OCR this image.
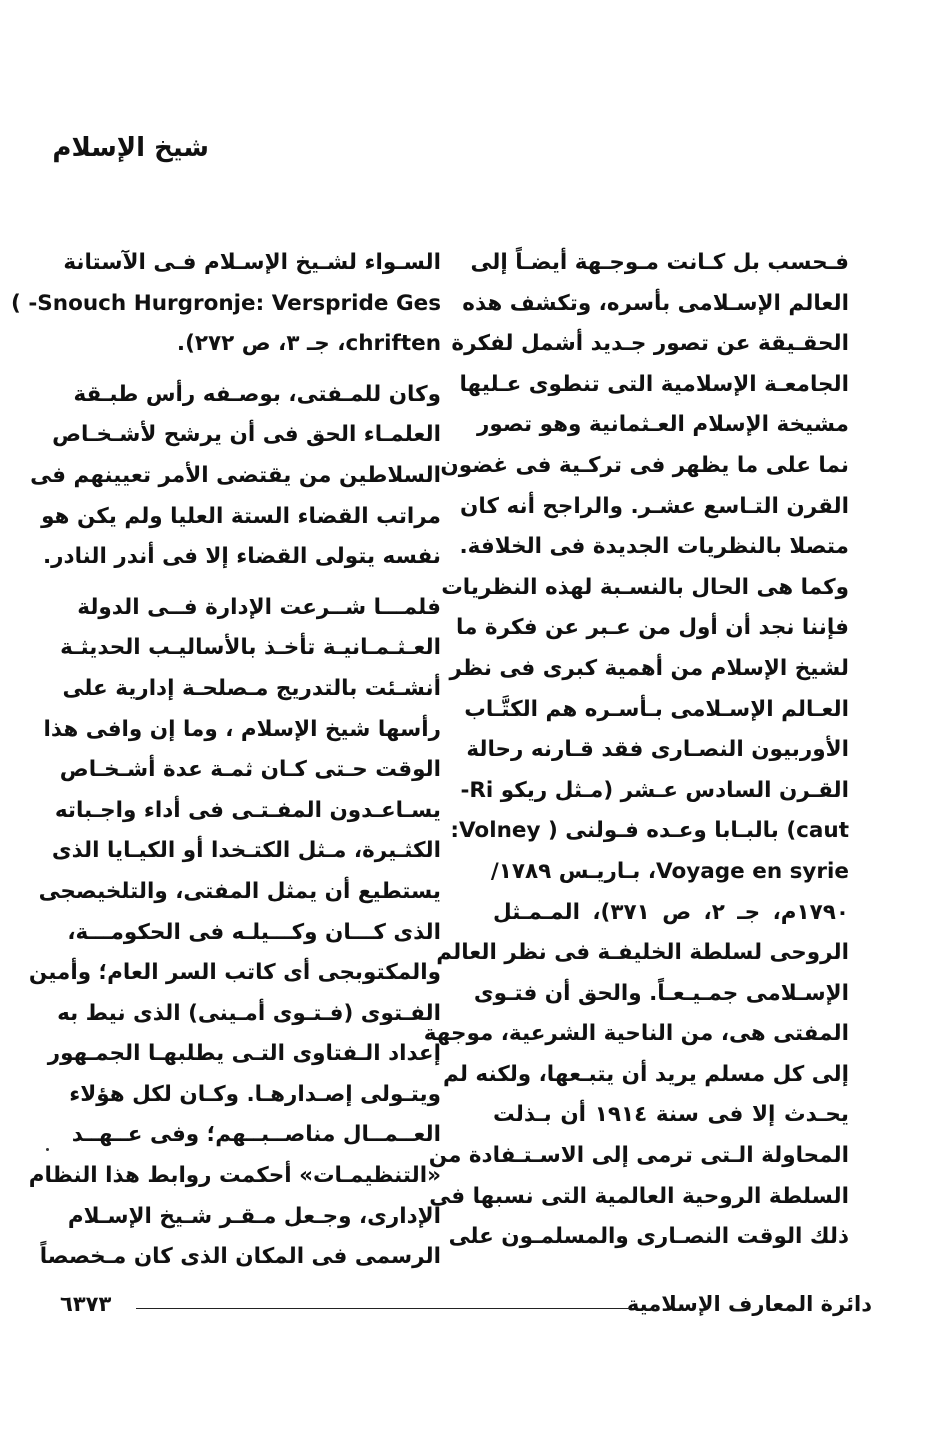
شيخ الإسلام
فـحسب بل كـانت مـوجـهة أيضـاً إلى
العالم الإسـلامى بأسره، وتكشف هذه
الحقـيقة عن تصور جـديد أشمل لفكرة
الجامعـة الإسلامية التى تنطوى عـليها
مشيخة الإسلام العـثمانية وهو تصور
نما على ما يظهر فى تركـية فى غضون
القرن التـاسع عشـر. والراجح أنه كان
متصلا بالنظريات الجديدة فى الخلافة.
وكما هى الحال بالنسـبة لهذه النظريات
فإننا نجد أن أول من عـبر عن فكرة ما
لشيخ الإسلام من أهمية كبرى فى نظر
العـالم الإسـلامى بـأسـره هم الكتَّـاب
الأوربيون النصـارى فقد قـارنه رحالة
القـرن السادس عـشر (مـثل ريكو Ri-
caut) بالبـابا وعـده فـولنى ( Volney:
Voyage en syrie، بـاريـس ١٧٨٩/
١٧٩٠م، جـ ٢، ص ٣٧١)، المـمـثل
الروحى لسلطة الخليفـة فى نظر العالم
الإسـلامى جمـيـعـاً. والحق أن فتـوى
المفتى هى، من الناحية الشرعية، موجهة
إلى كل مسلم يريد أن يتبـعها، ولكنه لم
يحـدث إلا فى سنة ١٩١٤ أن بـذلت
المحاولة الـتى ترمى إلى الاسـتـفادة من
السلطة الروحية العالمية التى نسبها فى
ذلك الوقت النصـارى والمسلمـون على
السـواء لشـيخ الإسـلام فـى الآستانة
Snouch Hurgronje: Verspride Ges- )
chriften، جـ ٣، ص ٢٧٢).
وكان للمـفتى، بوصـفه رأس طبـقة
العلمـاء الحق فى أن يرشح لأشـخـاص
السلاطين من يقتضى الأمر تعيينهم فى
مراتب القضاء الستة العليا ولم يكن هو
نفسه يتولى القضاء إلا فى أندر النادر.
فلمـــا شــرعت الإدارة فــى الدولة
العـثـمـانيـة تأخـذ بالأساليـب الحديثـة
أنشـئت بالتدريج مـصلحـة إدارية على
رأسها شيخ الإسلام ، وما إن وافى هذا
الوقت حـتى كـان ثمـة عدة أشـخـاص
يسـاعـدون المفـتـى فى أداء واجـباته
الكثـيرة، مـثل الكتـخدا أو الكيـايا الذى
يستطيع أن يمثل المفتى، والتلخيصجى
الذى كـــان وكـــيلـه فى الحكومـــة،
والمكتوبجى أى كاتب السر العام؛ وأمين
الفـتوى (فـتـوى أمـينى) الذى نيط به
إعداد الـفتاوى التـى يطلبهـا الجمـهور
ويتـولى إصـدارهـا. وكـان لكل هؤلاء
العــمــال مناصــبــهم؛ وفى عــهــد
«التنظيمـات» أحكمت روابط هذا النظام
الإدارى، وجـعل مـقـر شـيخ الإسـلام
الرسمى فى المكان الذى كان مـخصصاً
دائرة المعارف الإسلامية
٦٣٧٣
